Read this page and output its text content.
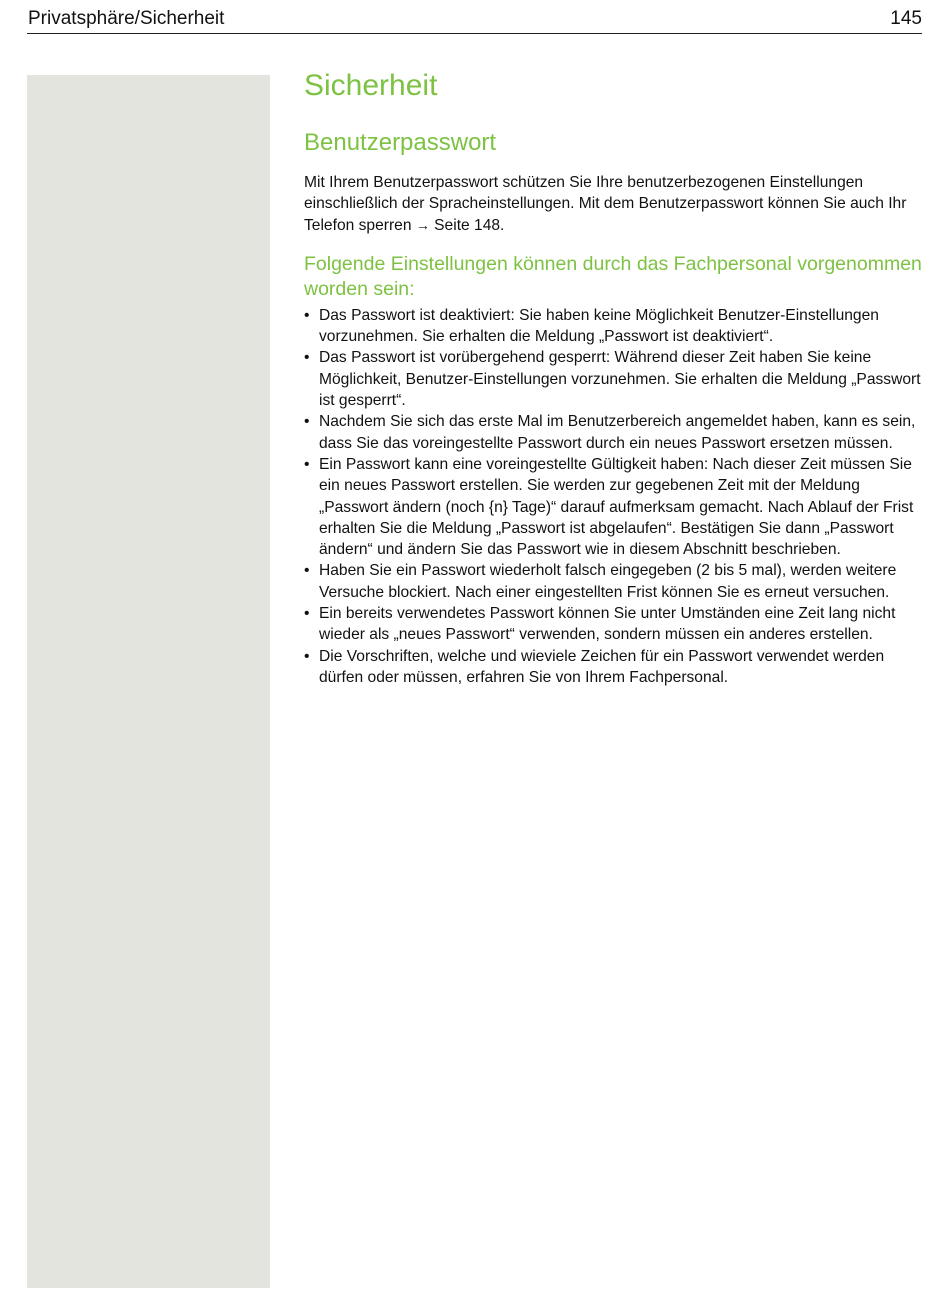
Privatsphäre/Sicherheit	145
Sicherheit
Benutzerpasswort

Mit Ihrem Benutzerpasswort schützen Sie Ihre benutzerbezogenen Einstellungen einschließlich der Spracheinstellungen. Mit dem Benutzerpasswort können Sie auch Ihr Telefon sperren → Seite 148.

Folgende Einstellungen können durch das Fachpersonal vorgenommen worden sein:
• Das Passwort ist deaktiviert: Sie haben keine Möglichkeit Benutzer-Einstellungen vorzunehmen. Sie erhalten die Meldung „Passwort ist deaktiviert“.
• Das Passwort ist vorübergehend gesperrt: Während dieser Zeit haben Sie keine Möglichkeit, Benutzer-Einstellungen vorzunehmen. Sie erhalten die Meldung „Passwort ist gesperrt“.
• Nachdem Sie sich das erste Mal im Benutzerbereich angemeldet haben, kann es sein, dass Sie das voreingestellte Passwort durch ein neues Passwort ersetzen müssen.
• Ein Passwort kann eine voreingestellte Gültigkeit haben: Nach dieser Zeit müssen Sie ein neues Passwort erstellen. Sie werden zur gegebenen Zeit mit der Meldung „Passwort ändern (noch {n} Tage)“ darauf aufmerksam gemacht. Nach Ablauf der Frist erhalten Sie die Meldung „Passwort ist abgelaufen“. Bestätigen Sie dann „Passwort ändern“ und ändern Sie das Passwort wie in diesem Abschnitt beschrieben.
• Haben Sie ein Passwort wiederholt falsch eingegeben (2 bis 5 mal), werden weitere Versuche blockiert. Nach einer eingestellten Frist können Sie es erneut versuchen.
• Ein bereits verwendetes Passwort können Sie unter Umständen eine Zeit lang nicht wieder als „neues Passwort“ verwenden, sondern müssen ein anderes erstellen.
• Die Vorschriften, welche und wieviele Zeichen für ein Passwort verwendet werden dürfen oder müssen, erfahren Sie von Ihrem Fachpersonal.
